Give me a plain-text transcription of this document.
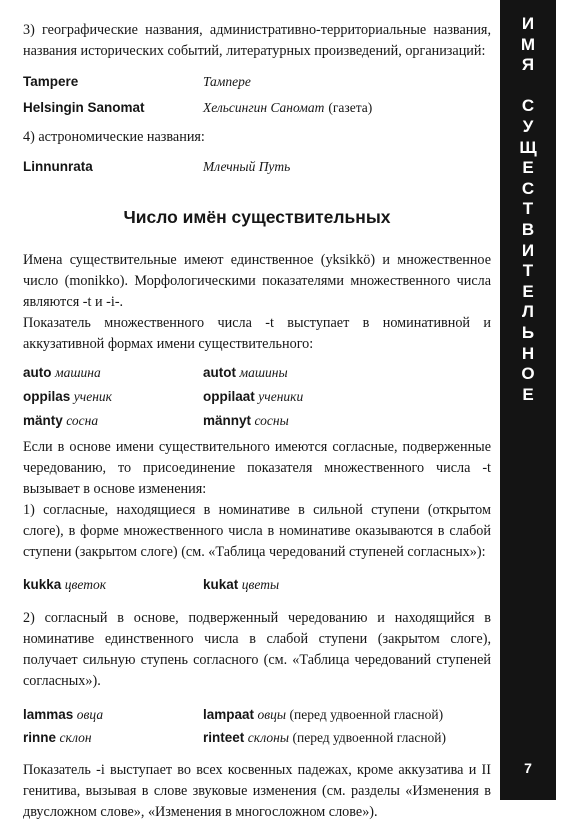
3) географические названия, административно-территориальные названия, названия исторических событий, литературных произведений, организаций:

Tampere	Тампере
Helsingin Sanomat	Хельсингин Саномат (газета)

4) астрономические названия:

Linnunrata	Млечный Путь
Число имён существительных

Имена существительные имеют единственное (yksikkö) и множественное число (monikko). Морфологическими показателями множественного числа являются -t и -i-.

Показатель множественного числа -t выступает в номинативной и аккузативной формах имени существительного:

auto машина	autot машины
oppilas ученик	oppilaat ученики
mänty сосна	männyt сосны

Если в основе имени существительного имеются согласные, подверженные чередованию, то присоединение показателя множественного числа -t вызывает в основе изменения:

1) согласные, находящиеся в номинативе в сильной ступени (открытом слоге), в форме множественного числа в номинативе оказываются в слабой ступени (закрытом слоге) (см. «Таблица чередований ступеней согласных»):

kukka цветок	kukat цветы

2) согласный в основе, подверженный чередованию и находящийся в номинативе единственного числа в слабой ступени (закрытом слоге), получает сильную ступень согласного (см. «Таблица чередований ступеней согласных»).

lammas овца	lampaat овцы (перед удвоенной гласной)
rinne склон	rinteet склоны (перед удвоенной гласной)

Показатель -i выступает во всех косвенных падежах, кроме аккузатива и II генитива, вызывая в слове звуковые изменения (см. разделы «Изменения в двусложном слове», «Изменения в многосложном слове»).

И
М
Я
С
У
Щ
Е
С
Т
В
И
Т
Е
Л
Ь
Н
О
Е
7
